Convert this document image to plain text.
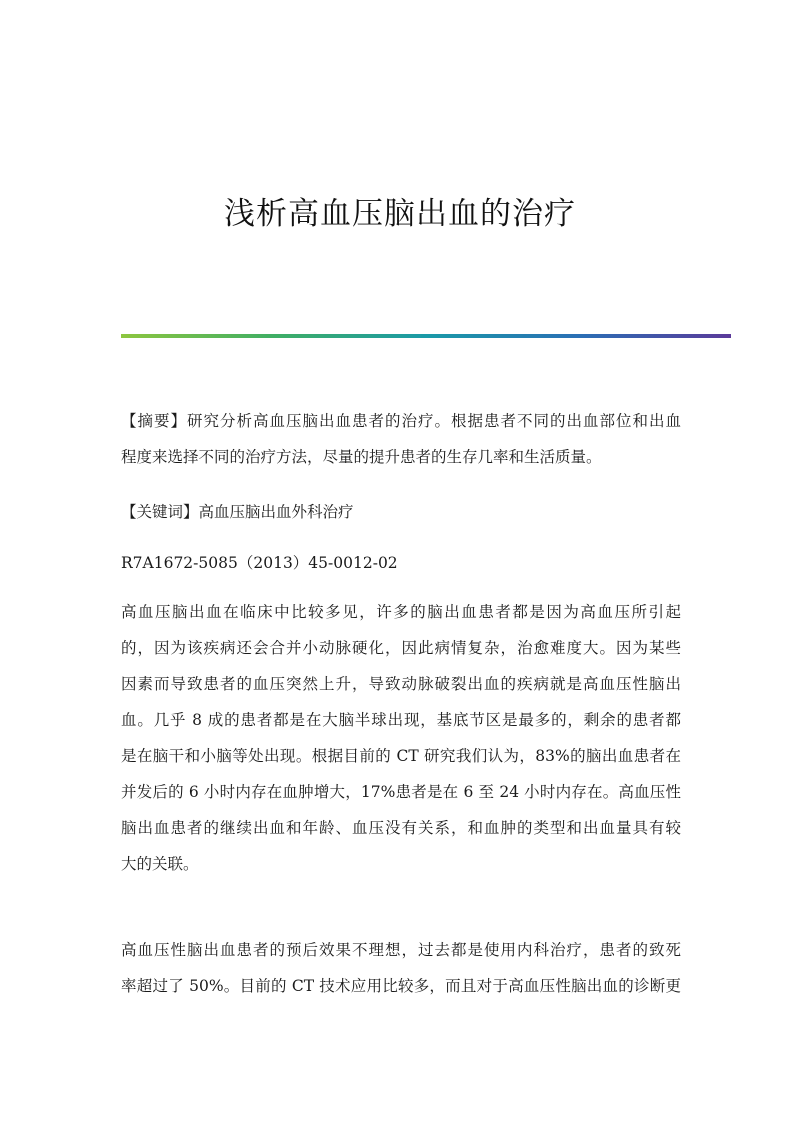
浅析高血压脑出血的治疗
【摘要】研究分析高血压脑出血患者的治疗。根据患者不同的出血部位和出血
程度来选择不同的治疗方法，尽量的提升患者的生存几率和生活质量。
【关键词】高血压脑出血外科治疗
R7A1672-5085（2013）45-0012-02
高血压脑出血在临床中比较多见，许多的脑出血患者都是因为高血压所引起
的，因为该疾病还会合并小动脉硬化，因此病情复杂，治愈难度大。因为某些
因素而导致患者的血压突然上升，导致动脉破裂出血的疾病就是高血压性脑出
血。几乎 8 成的患者都是在大脑半球出现，基底节区是最多的，剩余的患者都
是在脑干和小脑等处出现。根据目前的 CT 研究我们认为，83%的脑出血患者在
并发后的 6 小时内存在血肿增大，17%患者是在 6 至 24 小时内存在。高血压性
脑出血患者的继续出血和年龄、血压没有关系，和血肿的类型和出血量具有较
大的关联。
高血压性脑出血患者的预后效果不理想，过去都是使用内科治疗，患者的致死
率超过了 50%。目前的 CT 技术应用比较多，而且对于高血压性脑出血的诊断更
